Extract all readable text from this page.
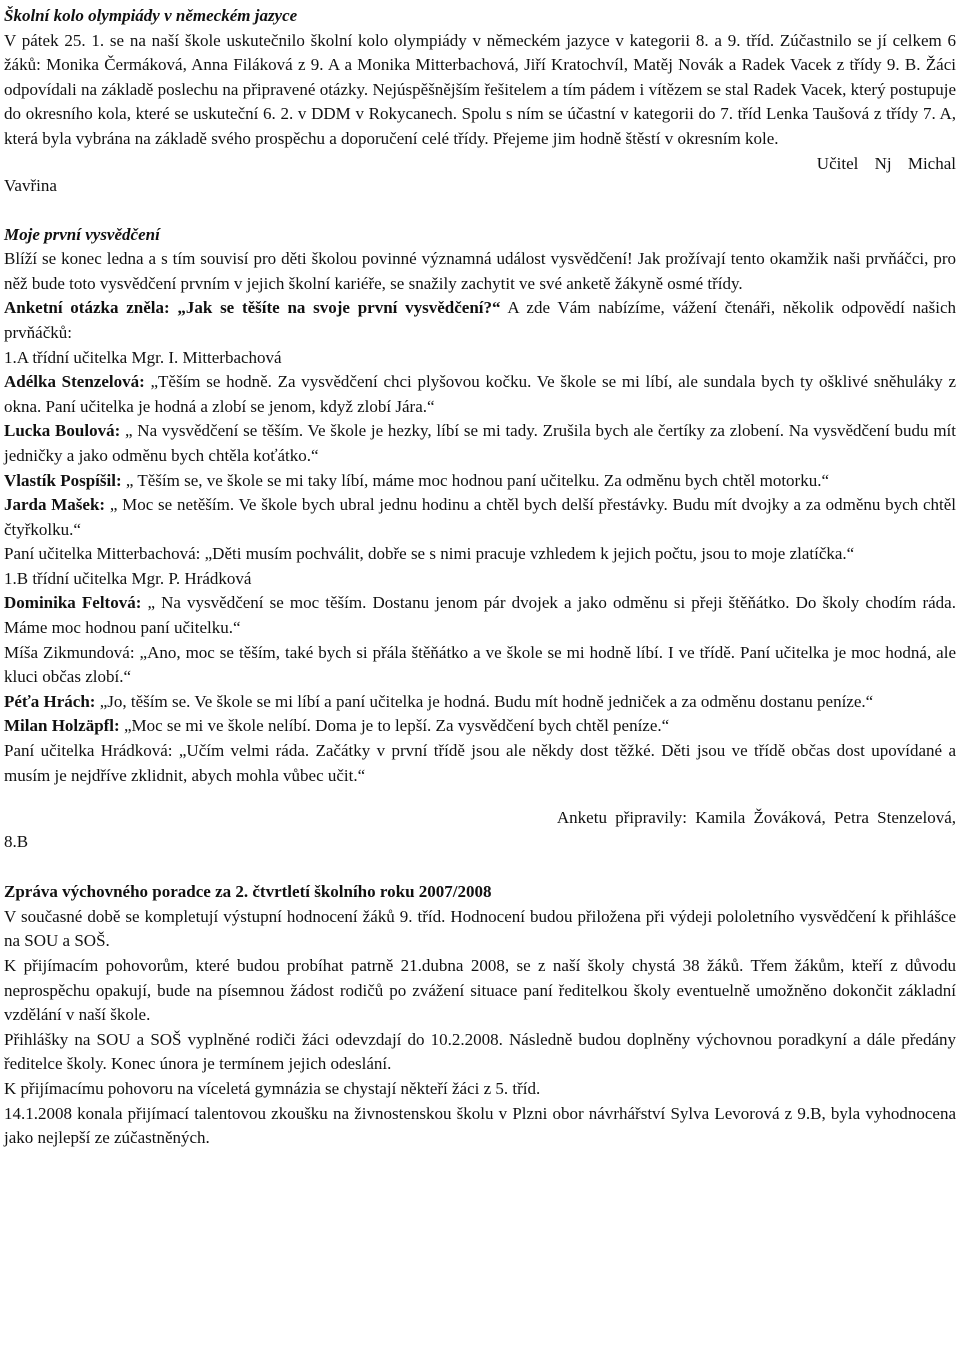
Školní kolo olympiády v německém jazyce

V pátek 25. 1. se na naší škole uskutečnilo školní kolo olympiády v německém jazyce v kategorii 8. a 9. tříd. Zúčastnilo se jí celkem 6 žáků: Monika Čermáková, Anna Filáková z 9. A a Monika Mitterbachová, Jiří Kratochvíl, Matěj Novák a Radek Vacek z třídy 9. B. Žáci odpovídali na základě poslechu na připravené otázky. Nejúspěšnějším řešitelem a tím pádem i vítězem se stal Radek Vacek, který postupuje do okresního kola, které se uskuteční 6. 2. v DDM v Rokycanech. Spolu s ním se účastní v kategorii do 7. tříd Lenka Taušová z třídy 7. A, která byla vybrána na základě svého prospěchu a doporučení celé třídy. Přejeme jim hodně štěstí v okresním kole.

Učitel Nj Michal
Vavřina

Moje první vysvědčení

Blíží se konec ledna a s tím souvisí pro děti školou povinné významná událost vysvědčení! Jak prožívají tento okamžik naši prvňáčci, pro něž bude toto vysvědčení prvním v jejich školní kariéře, se snažily zachytit ve své anketě žákyně osmé třídy.

Anketní otázka zněla: „Jak se těšíte na svoje první vysvědčení?“ A zde Vám nabízíme, vážení čtenáři, několik odpovědí našich prvňáčků:

1.A třídní učitelka Mgr. I. Mitterbachová

Adélka Stenzelová: „Těším se hodně. Za vysvědčení chci plyšovou kočku. Ve škole se mi líbí, ale sundala bych ty ošklivé sněhuláky z okna. Paní učitelka je hodná a zlobí se jenom, když zlobí Jára.“

Lucka Boulová: „ Na vysvědčení se těším. Ve škole je hezky, líbí se mi tady. Zrušila bych ale čertíky za zlobení. Na vysvědčení budu mít jedničky a jako odměnu bych chtěla koťátko.“

Vlastík Pospíšil: „ Těším se, ve škole se mi taky líbí, máme moc hodnou paní učitelku. Za odměnu bych chtěl motorku.“

Jarda Mašek: „ Moc se netěším. Ve škole bych ubral jednu hodinu a chtěl bych delší přestávky. Budu mít dvojky a za odměnu bych chtěl čtyřkolku.“

Paní učitelka Mitterbachová: „Děti musím pochválit, dobře se s nimi pracuje vzhledem k jejich počtu, jsou to moje zlatíčka.“

1.B třídní učitelka Mgr. P. Hrádková

Dominika Feltová: „ Na vysvědčení se moc těším. Dostanu jenom pár dvojek a jako odměnu si přeji štěňátko. Do školy chodím ráda. Máme moc hodnou paní učitelku.“

Míša Zikmundová: „Ano, moc se těším, také bych si přála štěňátko a ve škole se mi hodně líbí. I ve třídě. Paní učitelka je moc hodná, ale kluci občas zlobí.“

Péťa Hrách: „Jo, těším se. Ve škole se mi líbí a paní učitelka je hodná. Budu mít hodně jedniček a za odměnu dostanu peníze.“

Milan Holzäpfl: „Moc se mi ve škole nelíbí. Doma je to lepší. Za vysvědčení bych chtěl peníze.“

Paní učitelka Hrádková: „Učím velmi ráda. Začátky v první třídě jsou ale někdy dost těžké. Děti jsou ve třídě občas dost upovídané a musím je nejdříve zklidnit, abych mohla vůbec učit.“

Anketu připravily: Kamila Žováková, Petra Stenzelová,
8.B

Zpráva výchovného poradce za 2. čtvrtletí školního roku 2007/2008

V současné době se kompletují výstupní hodnocení žáků 9. tříd. Hodnocení budou přiložena při výdeji pololetního vysvědčení k přihlášce na SOU a SOŠ.

K přijímacím pohovorům, které budou probíhat patrně 21.dubna 2008, se z naší školy chystá 38 žáků. Třem žákům, kteří z důvodu neprospěchu opakují, bude na písemnou žádost rodičů po zvážení situace paní ředitelkou školy eventuelně umožněno dokončit základní vzdělání v naší škole.

Přihlášky na SOU a SOŠ vyplněné rodiči žáci odevzdají do 10.2.2008. Následně budou doplněny výchovnou poradkyní a dále předány ředitelce školy. Konec února je termínem jejich odeslání.

K přijímacímu pohovoru na víceletá gymnázia se chystají někteří žáci z 5. tříd.

14.1.2008 konala přijímací talentovou zkoušku na živnostenskou školu v Plzni obor návrhářství Sylva Levorová z 9.B, byla vyhodnocena jako nejlepší ze zúčastněných.
